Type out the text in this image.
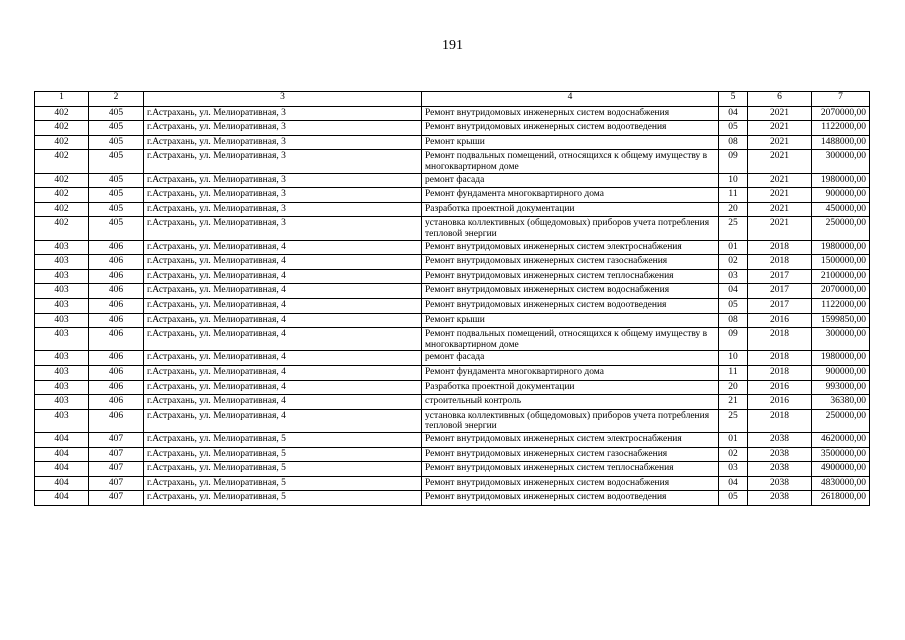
191
1	2	3	4	5	6	7
402	405	г.Астрахань, ул. Мелиоративная, 3	Ремонт внутридомовых инженерных систем водоснабжения	04	2021	2070000,00
402	405	г.Астрахань, ул. Мелиоративная, 3	Ремонт внутридомовых инженерных систем водоотведения	05	2021	1122000,00
402	405	г.Астрахань, ул. Мелиоративная, 3	Ремонт крыши	08	2021	1488000,00
402	405	г.Астрахань, ул. Мелиоративная, 3	Ремонт подвальных помещений, относящихся к общему имуществу в многоквартирном доме	09	2021	300000,00
402	405	г.Астрахань, ул. Мелиоративная, 3	ремонт фасада	10	2021	1980000,00
402	405	г.Астрахань, ул. Мелиоративная, 3	Ремонт фундамента многоквартирного дома	11	2021	900000,00
402	405	г.Астрахань, ул. Мелиоративная, 3	Разработка проектной документации	20	2021	450000,00
402	405	г.Астрахань, ул. Мелиоративная, 3	установка коллективных (общедомовых) приборов учета потребления тепловой энергии	25	2021	250000,00
403	406	г.Астрахань, ул. Мелиоративная, 4	Ремонт внутридомовых инженерных систем электроснабжения	01	2018	1980000,00
403	406	г.Астрахань, ул. Мелиоративная, 4	Ремонт внутридомовых инженерных систем газоснабжения	02	2018	1500000,00
403	406	г.Астрахань, ул. Мелиоративная, 4	Ремонт внутридомовых инженерных систем теплоснабжения	03	2017	2100000,00
403	406	г.Астрахань, ул. Мелиоративная, 4	Ремонт внутридомовых инженерных систем водоснабжения	04	2017	2070000,00
403	406	г.Астрахань, ул. Мелиоративная, 4	Ремонт внутридомовых инженерных систем водоотведения	05	2017	1122000,00
403	406	г.Астрахань, ул. Мелиоративная, 4	Ремонт крыши	08	2016	1599850,00
403	406	г.Астрахань, ул. Мелиоративная, 4	Ремонт подвальных помещений, относящихся к общему имуществу в многоквартирном доме	09	2018	300000,00
403	406	г.Астрахань, ул. Мелиоративная, 4	ремонт фасада	10	2018	1980000,00
403	406	г.Астрахань, ул. Мелиоративная, 4	Ремонт фундамента многоквартирного дома	11	2018	900000,00
403	406	г.Астрахань, ул. Мелиоративная, 4	Разработка проектной документации	20	2016	993000,00
403	406	г.Астрахань, ул. Мелиоративная, 4	строительный контроль	21	2016	36380,00
403	406	г.Астрахань, ул. Мелиоративная, 4	установка коллективных (общедомовых) приборов учета потребления тепловой энергии	25	2018	250000,00
404	407	г.Астрахань, ул. Мелиоративная, 5	Ремонт внутридомовых инженерных систем электроснабжения	01	2038	4620000,00
404	407	г.Астрахань, ул. Мелиоративная, 5	Ремонт внутридомовых инженерных систем газоснабжения	02	2038	3500000,00
404	407	г.Астрахань, ул. Мелиоративная, 5	Ремонт внутридомовых инженерных систем теплоснабжения	03	2038	4900000,00
404	407	г.Астрахань, ул. Мелиоративная, 5	Ремонт внутридомовых инженерных систем водоснабжения	04	2038	4830000,00
404	407	г.Астрахань, ул. Мелиоративная, 5	Ремонт внутридомовых инженерных систем водоотведения	05	2038	2618000,00
